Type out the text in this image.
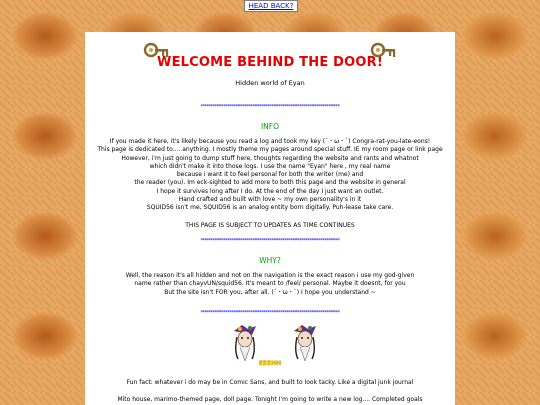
HEAD BACK?
WELCOME BEHIND THE DOOR!
Hidden world of Eyan
*************************************************************************
INFO
If you made it here, it's likely because you read a log and took my key (´・ω・`) Congra-rat-you-late-eons!
This page is dedicated to.... anything. I mostly theme my pages around special stuff. IE my room page or link page
However, i'm just going to dump stuff here, thoughts regarding the website and rants and whatnot
which didn't make it into those logs. I use the name "Eyan" here , my real name
because i want it to feel personal for both the writer (me) and
the reader (you). Im eck-sighted to add more to both this page and the website in general
I hope it survives long after I do. At the end of the day I just want an outlet.
Hand crafted and built with love ~ my own personality's in it
SQUID56 isn't me, SQUID56 is an analog entity born digitally. Puh-lease take care.
THIS PAGE IS SUBJECT TO UPDATES AS TIME CONTINUES
*************************************************************************
WHY?
Well, the reason it's all hidden and not on the navigation is the exact reason i use my god-given
name rather than chayvUN/squid56. It's meant to /feel/ personal. Maybe it doesnt, for you
But the site isn't FOR you, after all. (´・ω・`) I hope you understand ~
*************************************************************************
EEEHH
Fun fact: whatever i do may be in Comic Sans, and built to look tacky. Like a digital junk journal
Mito house, marimo-themed page, doll page. Tonight I'm going to write a new log.... Completed goals
